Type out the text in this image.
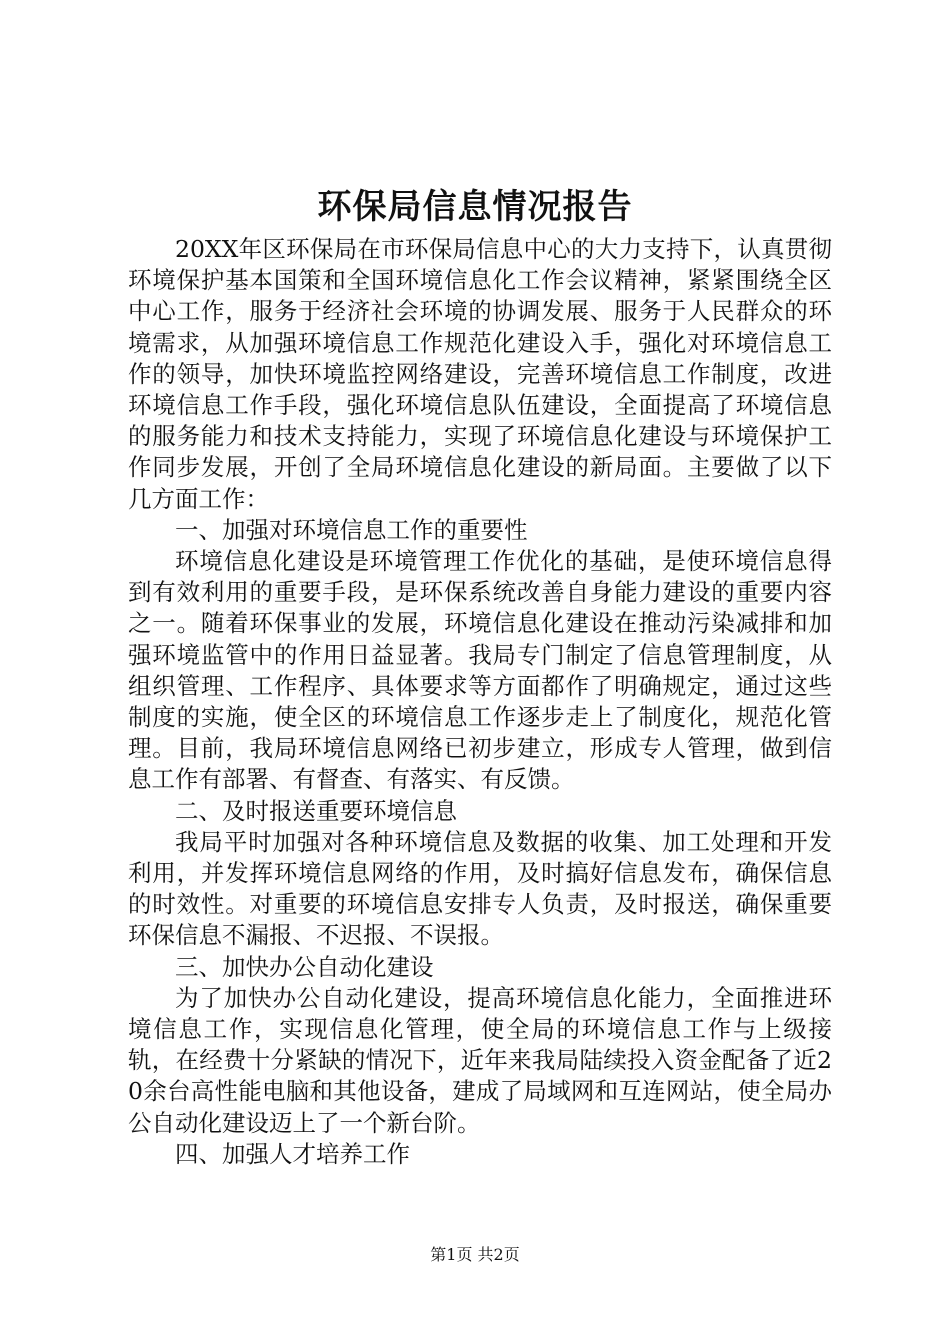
环保局信息情况报告

20XX年区环保局在市环保局信息中心的大力支持下，认真贯彻环境保护基本国策和全国环境信息化工作会议精神，紧紧围绕全区中心工作，服务于经济社会环境的协调发展、服务于人民群众的环境需求，从加强环境信息工作规范化建设入手，强化对环境信息工作的领导，加快环境监控网络建设，完善环境信息工作制度，改进环境信息工作手段，强化环境信息队伍建设，全面提高了环境信息的服务能力和技术支持能力，实现了环境信息化建设与环境保护工作同步发展，开创了全局环境信息化建设的新局面。主要做了以下几方面工作：

一、加强对环境信息工作的重要性

环境信息化建设是环境管理工作优化的基础，是使环境信息得到有效利用的重要手段，是环保系统改善自身能力建设的重要内容之一。随着环保事业的发展，环境信息化建设在推动污染减排和加强环境监管中的作用日益显著。我局专门制定了信息管理制度，从组织管理、工作程序、具体要求等方面都作了明确规定，通过这些制度的实施，使全区的环境信息工作逐步走上了制度化，规范化管理。目前，我局环境信息网络已初步建立，形成专人管理，做到信息工作有部署、有督查、有落实、有反馈。

二、及时报送重要环境信息

我局平时加强对各种环境信息及数据的收集、加工处理和开发利用，并发挥环境信息网络的作用，及时搞好信息发布，确保信息的时效性。对重要的环境信息安排专人负责，及时报送，确保重要环保信息不漏报、不迟报、不误报。

三、加快办公自动化建设

为了加快办公自动化建设，提高环境信息化能力，全面推进环境信息工作，实现信息化管理，使全局的环境信息工作与上级接轨，在经费十分紧缺的情况下，近年来我局陆续投入资金配备了近20余台高性能电脑和其他设备，建成了局域网和互连网站，使全局办公自动化建设迈上了一个新台阶。

四、加强人才培养工作

第1页 共2页
